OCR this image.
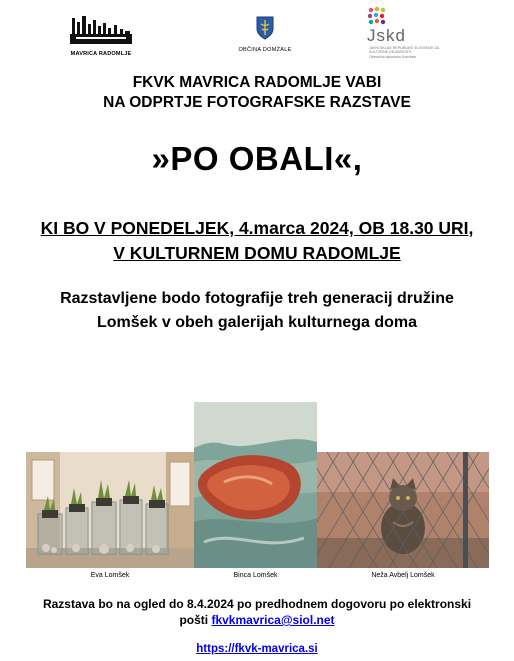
MAVRICA RADOMLJE
OBČINA DOMŽALE
Jskd
JAVNI SKLAD REPUBLIKE SLOVENIJE ZA KULTURNE DEJAVNOSTI
Območna izpostava Domžale
FKVK MAVRICA RADOMLJE VABI
NA ODPRTJE FOTOGRAFSKE RAZSTAVE
»PO OBALI«,
KI BO V PONEDELJEK, 4.marca 2024, OB 18.30 URI,
V KULTURNEM DOMU RADOMLJE
Razstavljene bodo fotografije treh generacij družine
Lomšek v obeh galerijah kulturnega doma
Eva Lomšek	Binca Lomšek	Neža Avbelj Lomšek
Razstava bo na ogled do 8.4.2024 po predhodnem dogovoru po elektronski
pošti fkvkmavrica@siol.net
https://fkvk-mavrica.si
